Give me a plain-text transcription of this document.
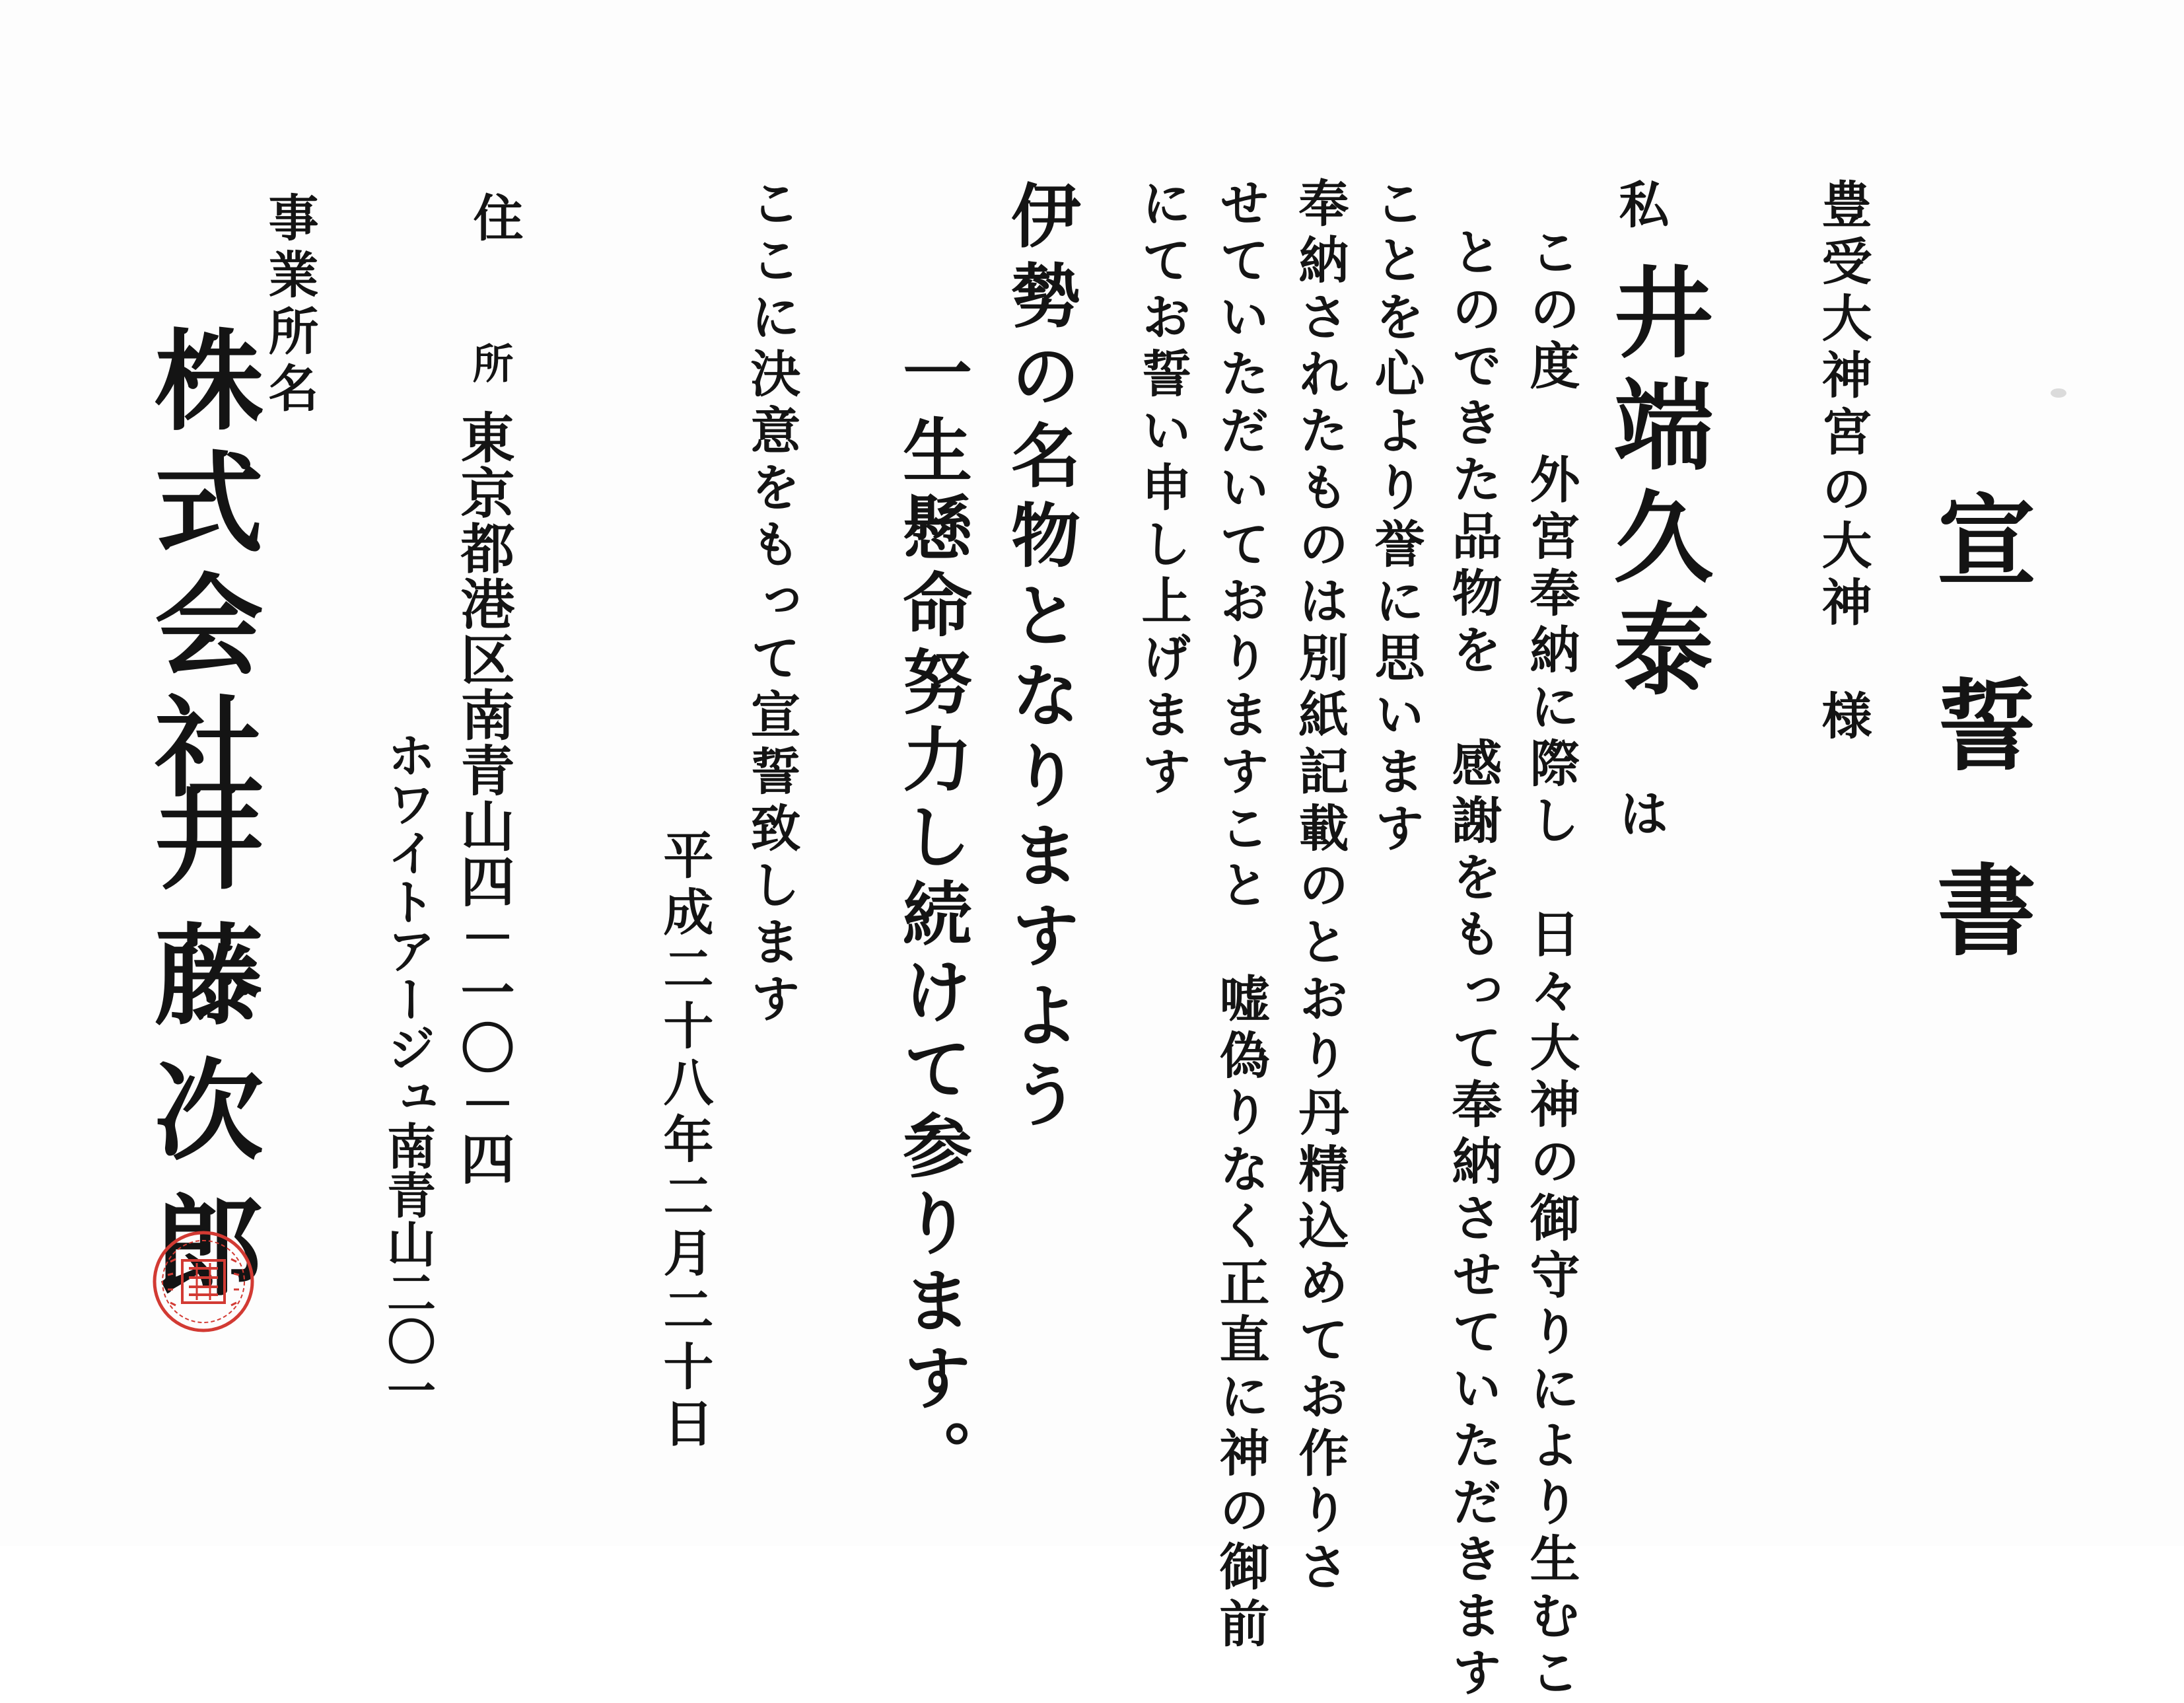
宣誓書
豊受大神宮の大神　様
私
井端久泰
は
この度　外宮奉納に際し　日々大神の御守りにより生むこ
とのできた品物を　感謝をもって奉納させていただきます
ことを心より誉に思います
奉納されたものは別紙記載のとおり丹精込めてお作りさ
せていただいておりますこと　嘘偽りなく正直に神の御前
にてお誓い申し上げます
伊勢の名物となりますよう
一生懸命努力し続けて参ります。
ここに決意をもって宣誓致します
平成二十八年二月二十日
住
所
東京都港区南青山四－一〇－四
ホワイトアージュ南青山二〇一
事業所名
株式会社
井藤次郎
